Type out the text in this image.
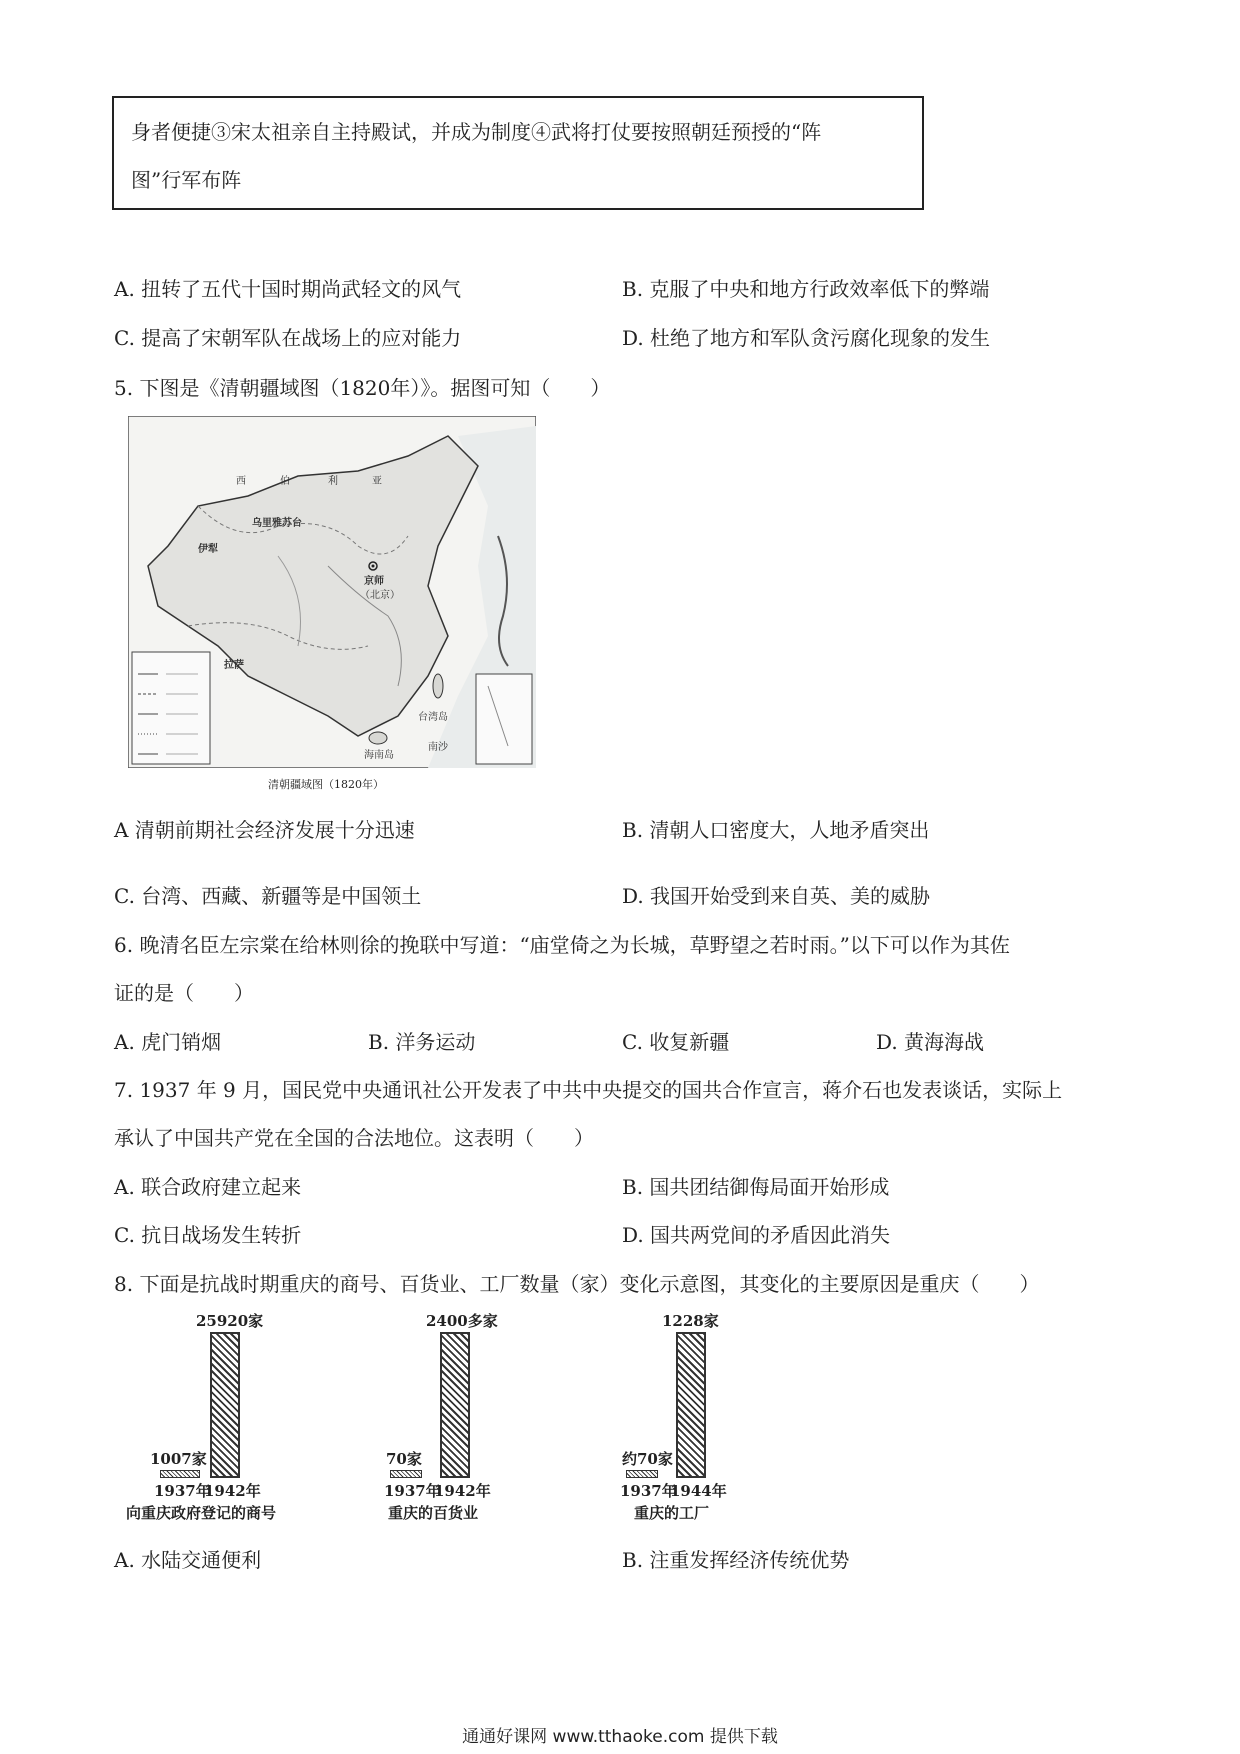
身者便捷③宋太祖亲自主持殿试，并成为制度④武将打仗要按照朝廷预授的“阵
图”行军布阵
A. 扭转了五代十国时期尚武轻文的风气	B. 克服了中央和地方行政效率低下的弊端
C. 提高了宋朝军队在战场上的应对能力	D. 杜绝了地方和军队贪污腐化现象的发生
5. 下图是《清朝疆域图（1820年）》。据图可知（　　）
西	伯	利	亚
乌里雅苏台
伊犁
京师
（北京）
拉萨
台湾岛
海南岛
南沙
清朝疆域图（1820年）
A 清朝前期社会经济发展十分迅速	B. 清朝人口密度大，人地矛盾突出
C. 台湾、西藏、新疆等是中国领土	D. 我国开始受到来自英、美的威胁
6. 晚清名臣左宗棠在给林则徐的挽联中写道：“庙堂倚之为长城，草野望之若时雨。”以下可以作为其佐
证的是（　　）
A. 虎门销烟	B. 洋务运动	C. 收复新疆	D. 黄海海战
7. 1937 年 9 月，国民党中央通讯社公开发表了中共中央提交的国共合作宣言，蒋介石也发表谈话，实际上
承认了中国共产党在全国的合法地位。这表明（　　）
A. 联合政府建立起来	B. 国共团结御侮局面开始形成
C. 抗日战场发生转折	D. 国共两党间的矛盾因此消失
8. 下面是抗战时期重庆的商号、百货业、工厂数量（家）变化示意图，其变化的主要原因是重庆（　　）
25920家
1007家
1937年
1942年
向重庆政府登记的商号
2400多家
70家
1937年
1942年
重庆的百货业
1228家
约70家
1937年
1944年
重庆的工厂
A. 水陆交通便利	B. 注重发挥经济传统优势
通通好课网 www.tthaoke.com 提供下载
